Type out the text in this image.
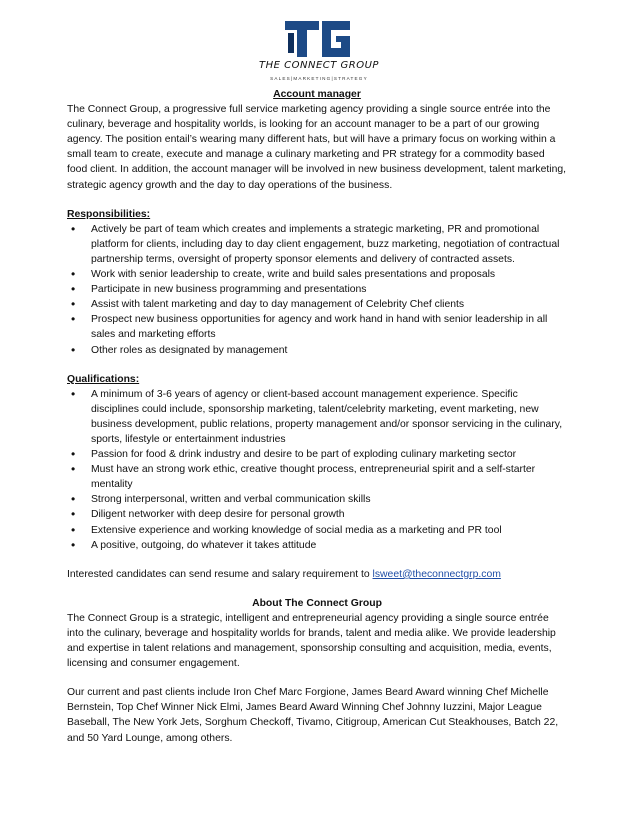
THE CONNECT GROUP
SALES|MARKETING|STRATEGY
Account manager

The Connect Group, a progressive full service marketing agency providing a single source entrée into the culinary, beverage and hospitality worlds, is looking for an account manager to be a part of our growing agency. The position entail’s wearing many different hats, but will have a primary focus on working within a small team to create, execute and manage a culinary marketing and PR strategy for a commodity based food client. In addition, the account manager will be involved in new business development, talent marketing, strategic agency growth and the day to day operations of the business.

Responsibilities:
• Actively be part of team which creates and implements a strategic marketing, PR and promotional platform for clients, including day to day client engagement, buzz marketing, negotiation of contractual partnership terms, oversight of property sponsor elements and delivery of contracted assets.
• Work with senior leadership to create, write and build sales presentations and proposals
• Participate in new business programming and presentations
• Assist with talent marketing and day to day management of Celebrity Chef clients
• Prospect new business opportunities for agency and work hand in hand with senior leadership in all sales and marketing efforts
• Other roles as designated by management
Qualifications:
• A minimum of 3-6 years of agency or client-based account management experience. Specific disciplines could include, sponsorship marketing, talent/celebrity marketing, event marketing, new business development, public relations, property management and/or sponsor servicing in the culinary, sports, lifestyle or entertainment industries
• Passion for food & drink industry and desire to be part of exploding culinary marketing sector
• Must have an strong work ethic, creative thought process, entrepreneurial spirit and a self-starter mentality
• Strong interpersonal, written and verbal communication skills
• Diligent networker with deep desire for personal growth
• Extensive experience and working knowledge of social media as a marketing and PR tool
• A positive, outgoing, do whatever it takes attitude

Interested candidates can send resume and salary requirement to lsweet@theconnectgrp.com

About The Connect Group

The Connect Group is a strategic, intelligent and entrepreneurial agency providing a single source entrée into the culinary, beverage and hospitality worlds for brands, talent and media alike. We provide leadership and expertise in talent relations and management, sponsorship consulting and acquisition, media, events, licensing and consumer engagement.

Our current and past clients include Iron Chef Marc Forgione, James Beard Award winning Chef Michelle Bernstein, Top Chef Winner Nick Elmi, James Beard Award Winning Chef Johnny Iuzzini, Major League Baseball, The New York Jets, Sorghum Checkoff, Tivamo, Citigroup, American Cut Steakhouses, Batch 22, and 50 Yard Lounge, among others.
